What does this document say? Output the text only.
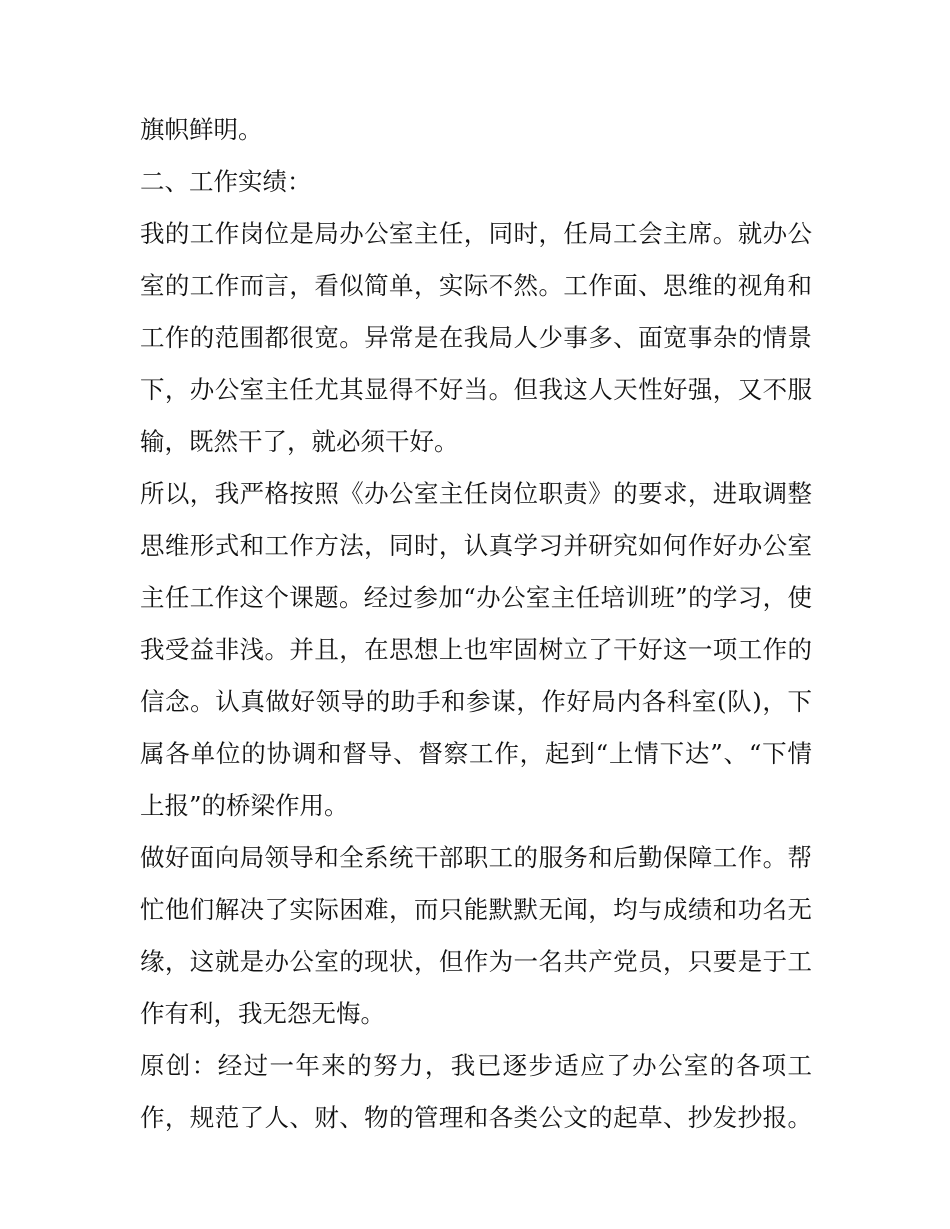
旗帜鲜明。
二、工作实绩：
我的工作岗位是局办公室主任，同时，任局工会主席。就办公
室的工作而言，看似简单，实际不然。工作面、思维的视角和
工作的范围都很宽。异常是在我局人少事多、面宽事杂的情景
下，办公室主任尤其显得不好当。但我这人天性好强，又不服
输，既然干了，就必须干好。
所以，我严格按照《办公室主任岗位职责》的要求，进取调整
思维形式和工作方法，同时，认真学习并研究如何作好办公室
主任工作这个课题。经过参加“办公室主任培训班”的学习，使
我受益非浅。并且，在思想上也牢固树立了干好这一项工作的
信念。认真做好领导的助手和参谋，作好局内各科室(队)，下
属各单位的协调和督导、督察工作，起到“上情下达”、“下情
上报”的桥梁作用。
做好面向局领导和全系统干部职工的服务和后勤保障工作。帮
忙他们解决了实际困难，而只能默默无闻，均与成绩和功名无
缘，这就是办公室的现状，但作为一名共产党员，只要是于工
作有利，我无怨无悔。
原创：经过一年来的努力，我已逐步适应了办公室的各项工
作，规范了人、财、物的管理和各类公文的起草、抄发抄报。
